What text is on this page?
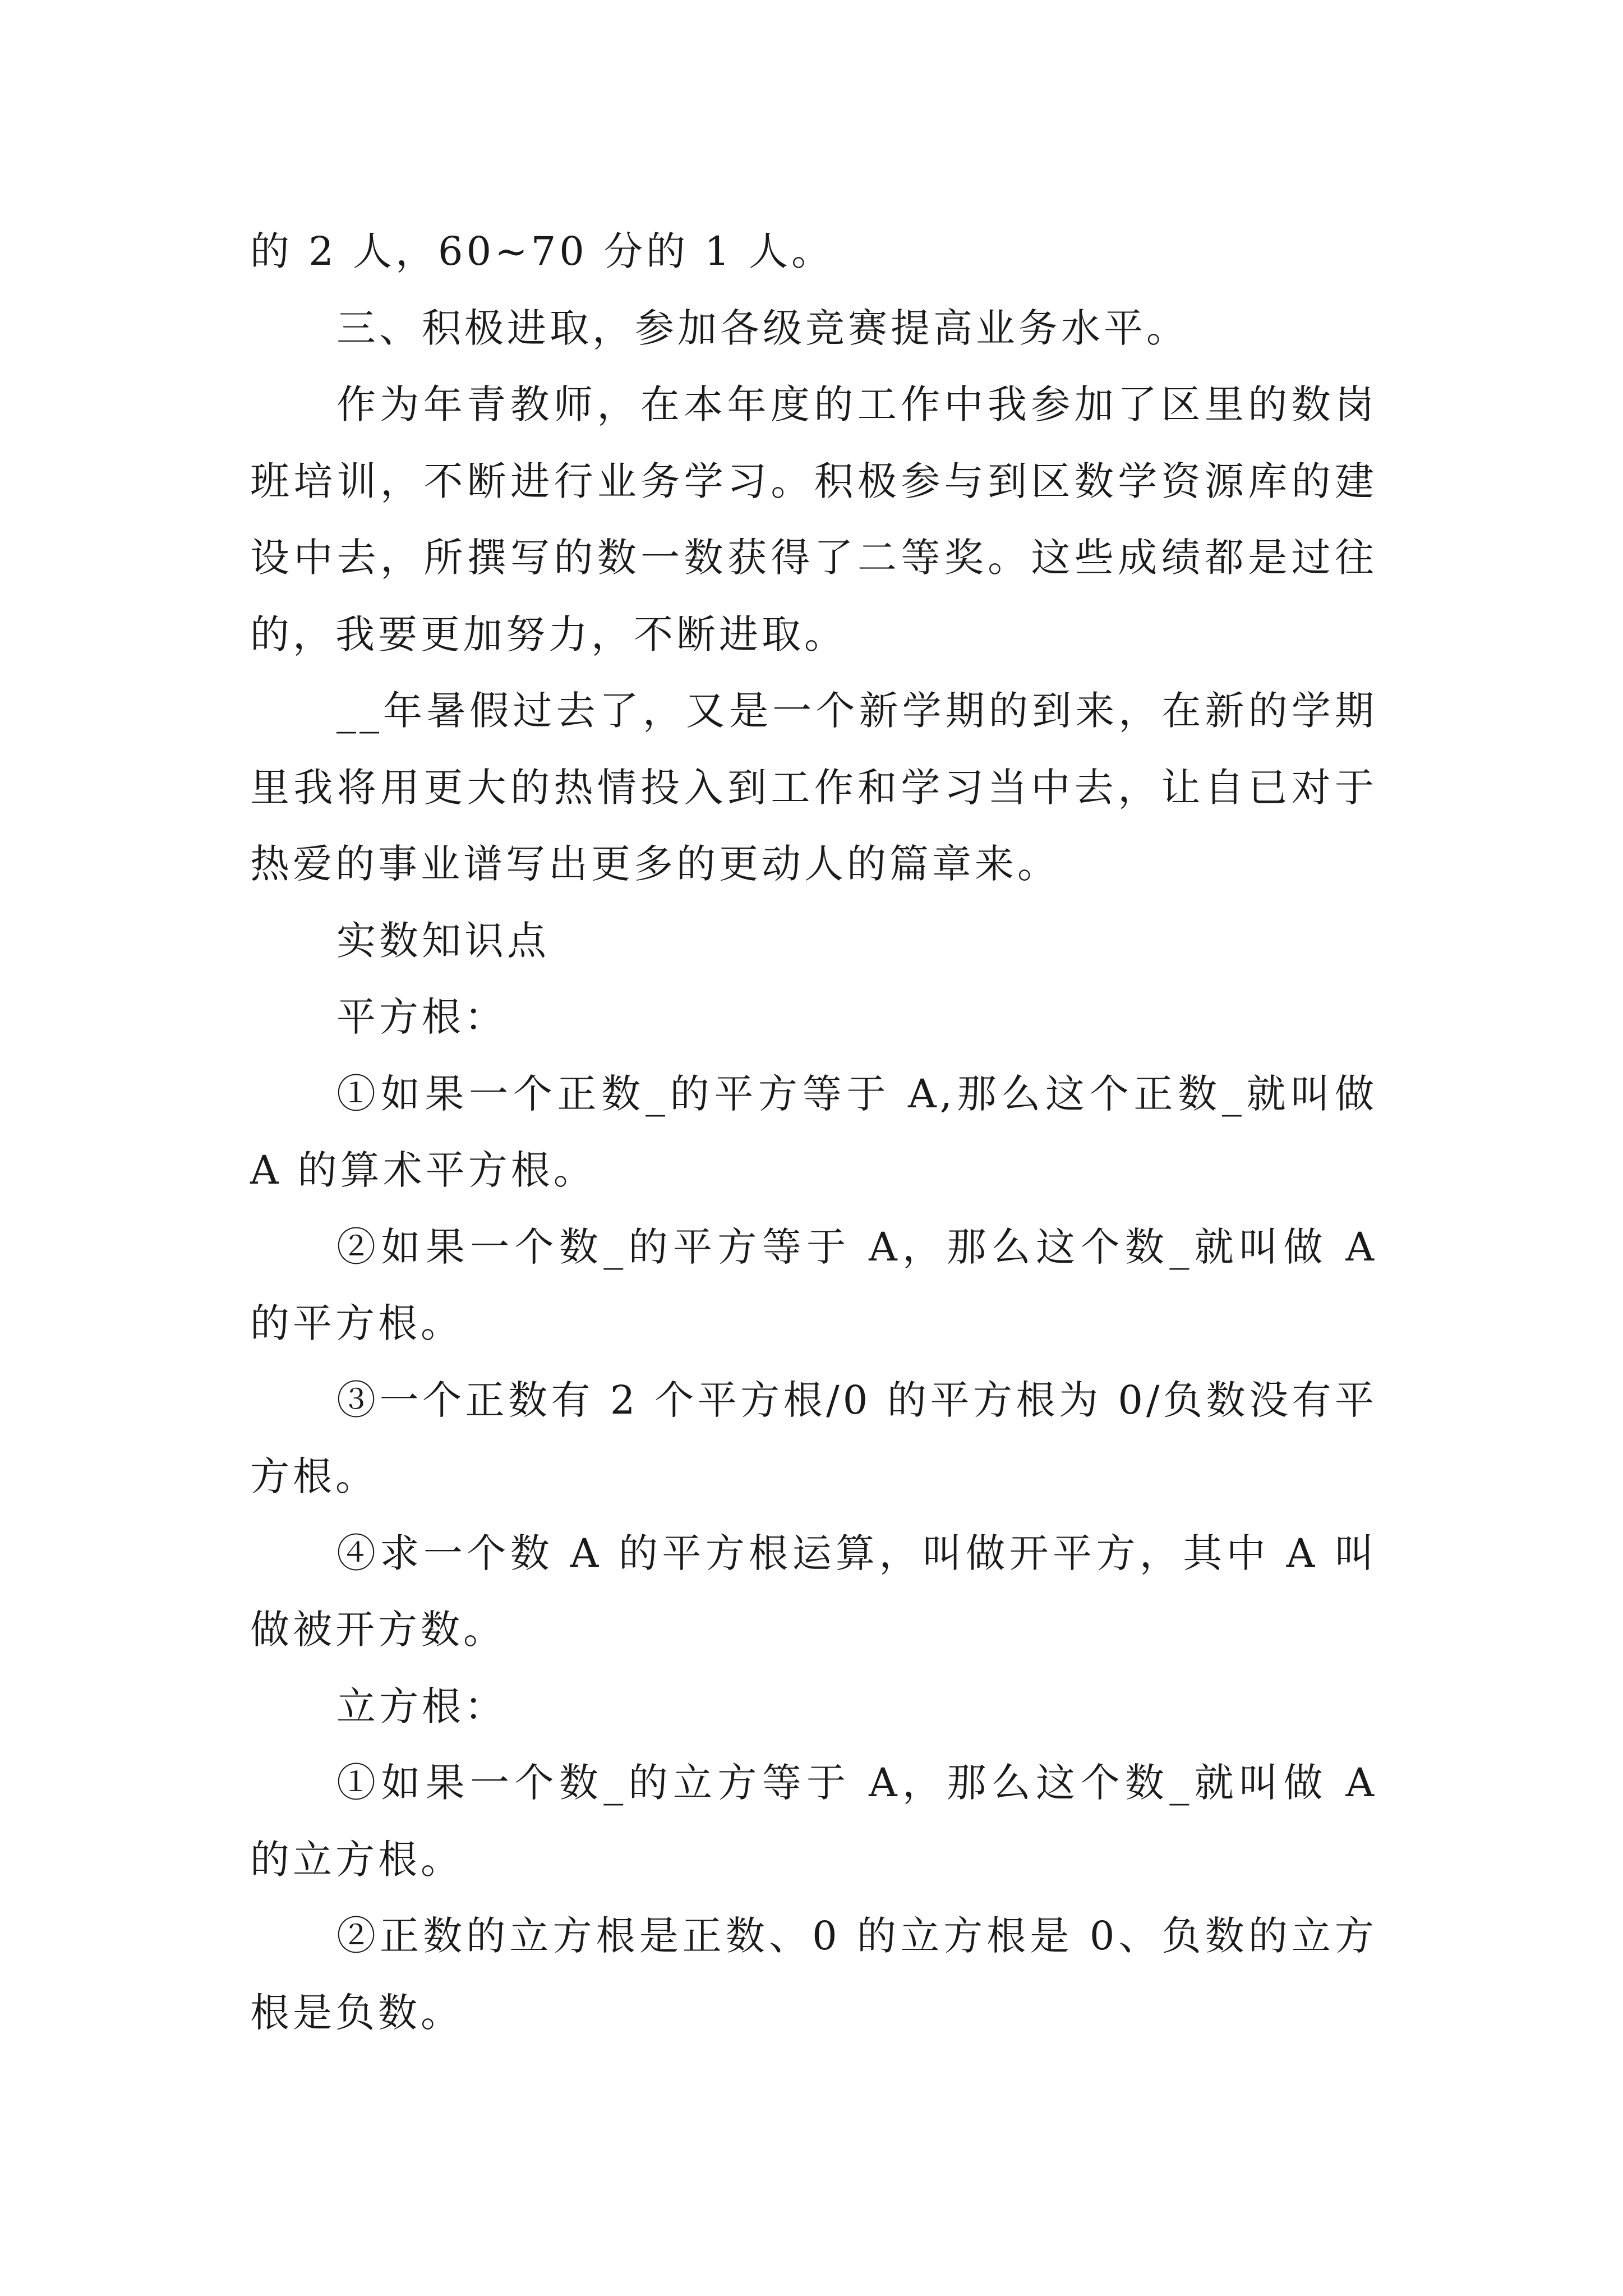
的 2 人，60~70 分的 1 人。

三、积极进取，参加各级竞赛提高业务水平。

作为年青教师，在本年度的工作中我参加了区里的数岗班培训，不断进行业务学习。积极参与到区数学资源库的建设中去，所撰写的数一数获得了二等奖。这些成绩都是过往的，我要更加努力，不断进取。

__年暑假过去了，又是一个新学期的到来，在新的学期里我将用更大的热情投入到工作和学习当中去，让自已对于热爱的事业谱写出更多的更动人的篇章来。

实数知识点

平方根：

①如果一个正数_的平方等于 A,那么这个正数_就叫做 A 的算术平方根。

②如果一个数_的平方等于 A，那么这个数_就叫做 A 的平方根。

③一个正数有 2 个平方根/0 的平方根为 0/负数没有平方根。

④求一个数 A 的平方根运算，叫做开平方，其中 A 叫做被开方数。

立方根：

①如果一个数_的立方等于 A，那么这个数_就叫做 A 的立方根。

②正数的立方根是正数、0 的立方根是 0、负数的立方根是负数。
